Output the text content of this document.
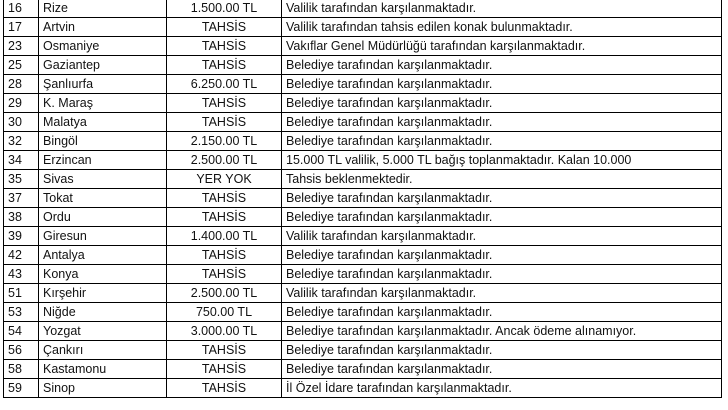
16	Rize	1.500.00 TL	Valilik tarafından karşılanmaktadır.
17	Artvin	TAHSİS	Valilik tarafından tahsis edilen konak bulunmaktadır.
23	Osmaniye	TAHSİS	Vakıflar Genel Müdürlüğü tarafından karşılanmaktadır.
25	Gaziantep	TAHSİS	Belediye tarafından karşılanmaktadır.
28	Şanlıurfa	6.250.00 TL	Belediye tarafından karşılanmaktadır.
29	K. Maraş	TAHSİS	Belediye tarafından karşılanmaktadır.
30	Malatya	TAHSİS	Belediye tarafından karşılanmaktadır.
32	Bingöl	2.150.00 TL	Belediye tarafından karşılanmaktadır.
34	Erzincan	2.500.00 TL	15.000 TL valilik, 5.000 TL bağış toplanmaktadır. Kalan 10.000
35	Sivas	YER YOK	Tahsis beklenmektedir.
37	Tokat	TAHSİS	Belediye tarafından karşılanmaktadır.
38	Ordu	TAHSİS	Belediye tarafından karşılanmaktadır.
39	Giresun	1.400.00 TL	Valilik tarafından karşılanmaktadır.
42	Antalya	TAHSİS	Belediye tarafından karşılanmaktadır.
43	Konya	TAHSİS	Belediye tarafından karşılanmaktadır.
51	Kırşehir	2.500.00 TL	Valilik tarafından karşılanmaktadır.
53	Niğde	750.00 TL	Belediye tarafından karşılanmaktadır.
54	Yozgat	3.000.00 TL	Belediye tarafından karşılanmaktadır. Ancak ödeme alınamıyor.
56	Çankırı	TAHSİS	Belediye tarafından karşılanmaktadır.
58	Kastamonu	TAHSİS	Belediye tarafından karşılanmaktadır.
59	Sinop	TAHSİS	İl Özel İdare tarafından karşılanmaktadır.
